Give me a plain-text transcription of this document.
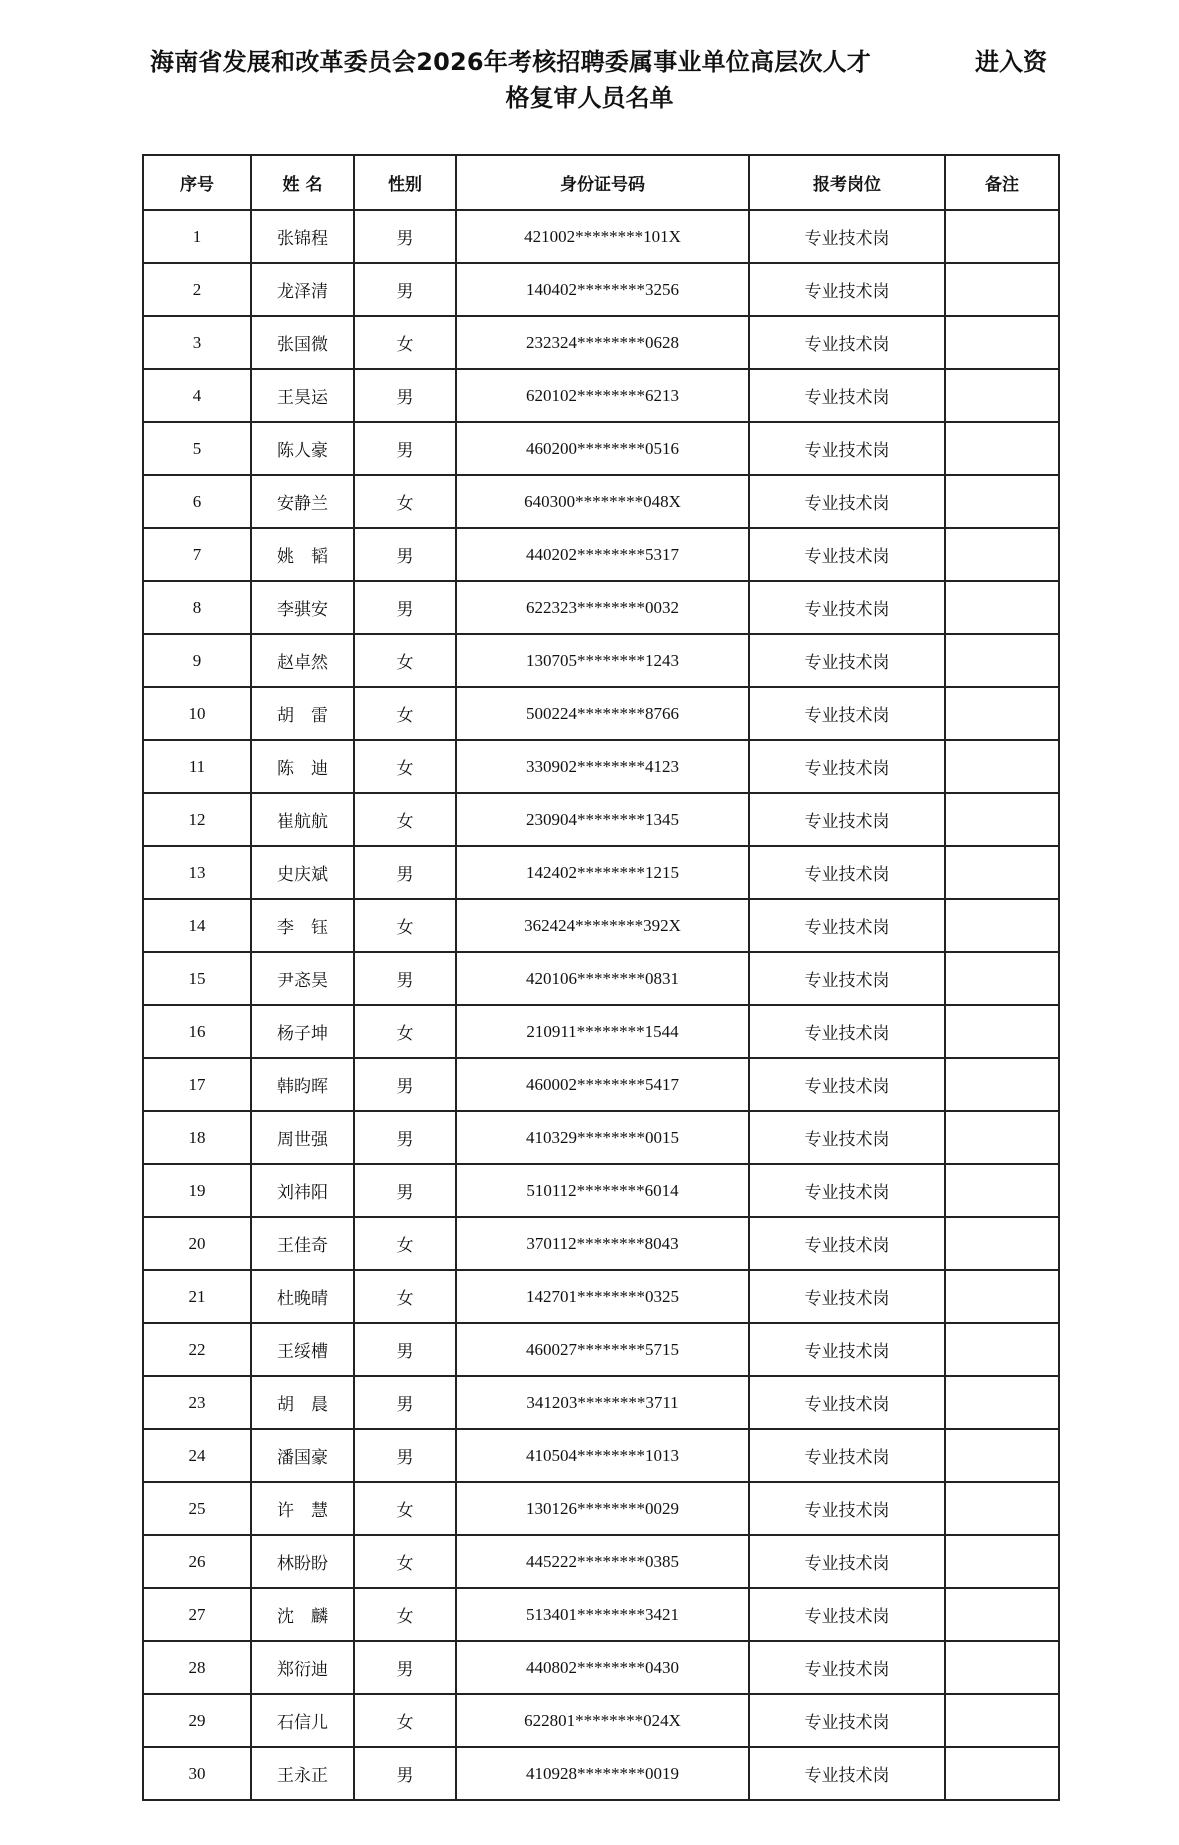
海南省发展和改革委员会2026年考核招聘委属事业单位高层次人才	进入资
格复审人员名单
序号	姓 名	性别	身份证号码	报考岗位	备注
1	张锦程	男	421002********101X	专业技术岗	
2	龙泽清	男	140402********3256	专业技术岗	
3	张国微	女	232324********0628	专业技术岗	
4	王昊运	男	620102********6213	专业技术岗	
5	陈人豪	男	460200********0516	专业技术岗	
6	安静兰	女	640300********048X	专业技术岗	
7	姚　韬	男	440202********5317	专业技术岗	
8	李骐安	男	622323********0032	专业技术岗	
9	赵卓然	女	130705********1243	专业技术岗	
10	胡　雷	女	500224********8766	专业技术岗	
11	陈　迪	女	330902********4123	专业技术岗	
12	崔航航	女	230904********1345	专业技术岗	
13	史庆斌	男	142402********1215	专业技术岗	
14	李　钰	女	362424********392X	专业技术岗	
15	尹忞昊	男	420106********0831	专业技术岗	
16	杨子坤	女	210911********1544	专业技术岗	
17	韩昀晖	男	460002********5417	专业技术岗	
18	周世强	男	410329********0015	专业技术岗	
19	刘祎阳	男	510112********6014	专业技术岗	
20	王佳奇	女	370112********8043	专业技术岗	
21	杜晚晴	女	142701********0325	专业技术岗	
22	王绥槽	男	460027********5715	专业技术岗	
23	胡　晨	男	341203********3711	专业技术岗	
24	潘国豪	男	410504********1013	专业技术岗	
25	许　慧	女	130126********0029	专业技术岗	
26	林盼盼	女	445222********0385	专业技术岗	
27	沈　麟	女	513401********3421	专业技术岗	
28	郑衍迪	男	440802********0430	专业技术岗	
29	石信儿	女	622801********024X	专业技术岗	
30	王永正	男	410928********0019	专业技术岗	
